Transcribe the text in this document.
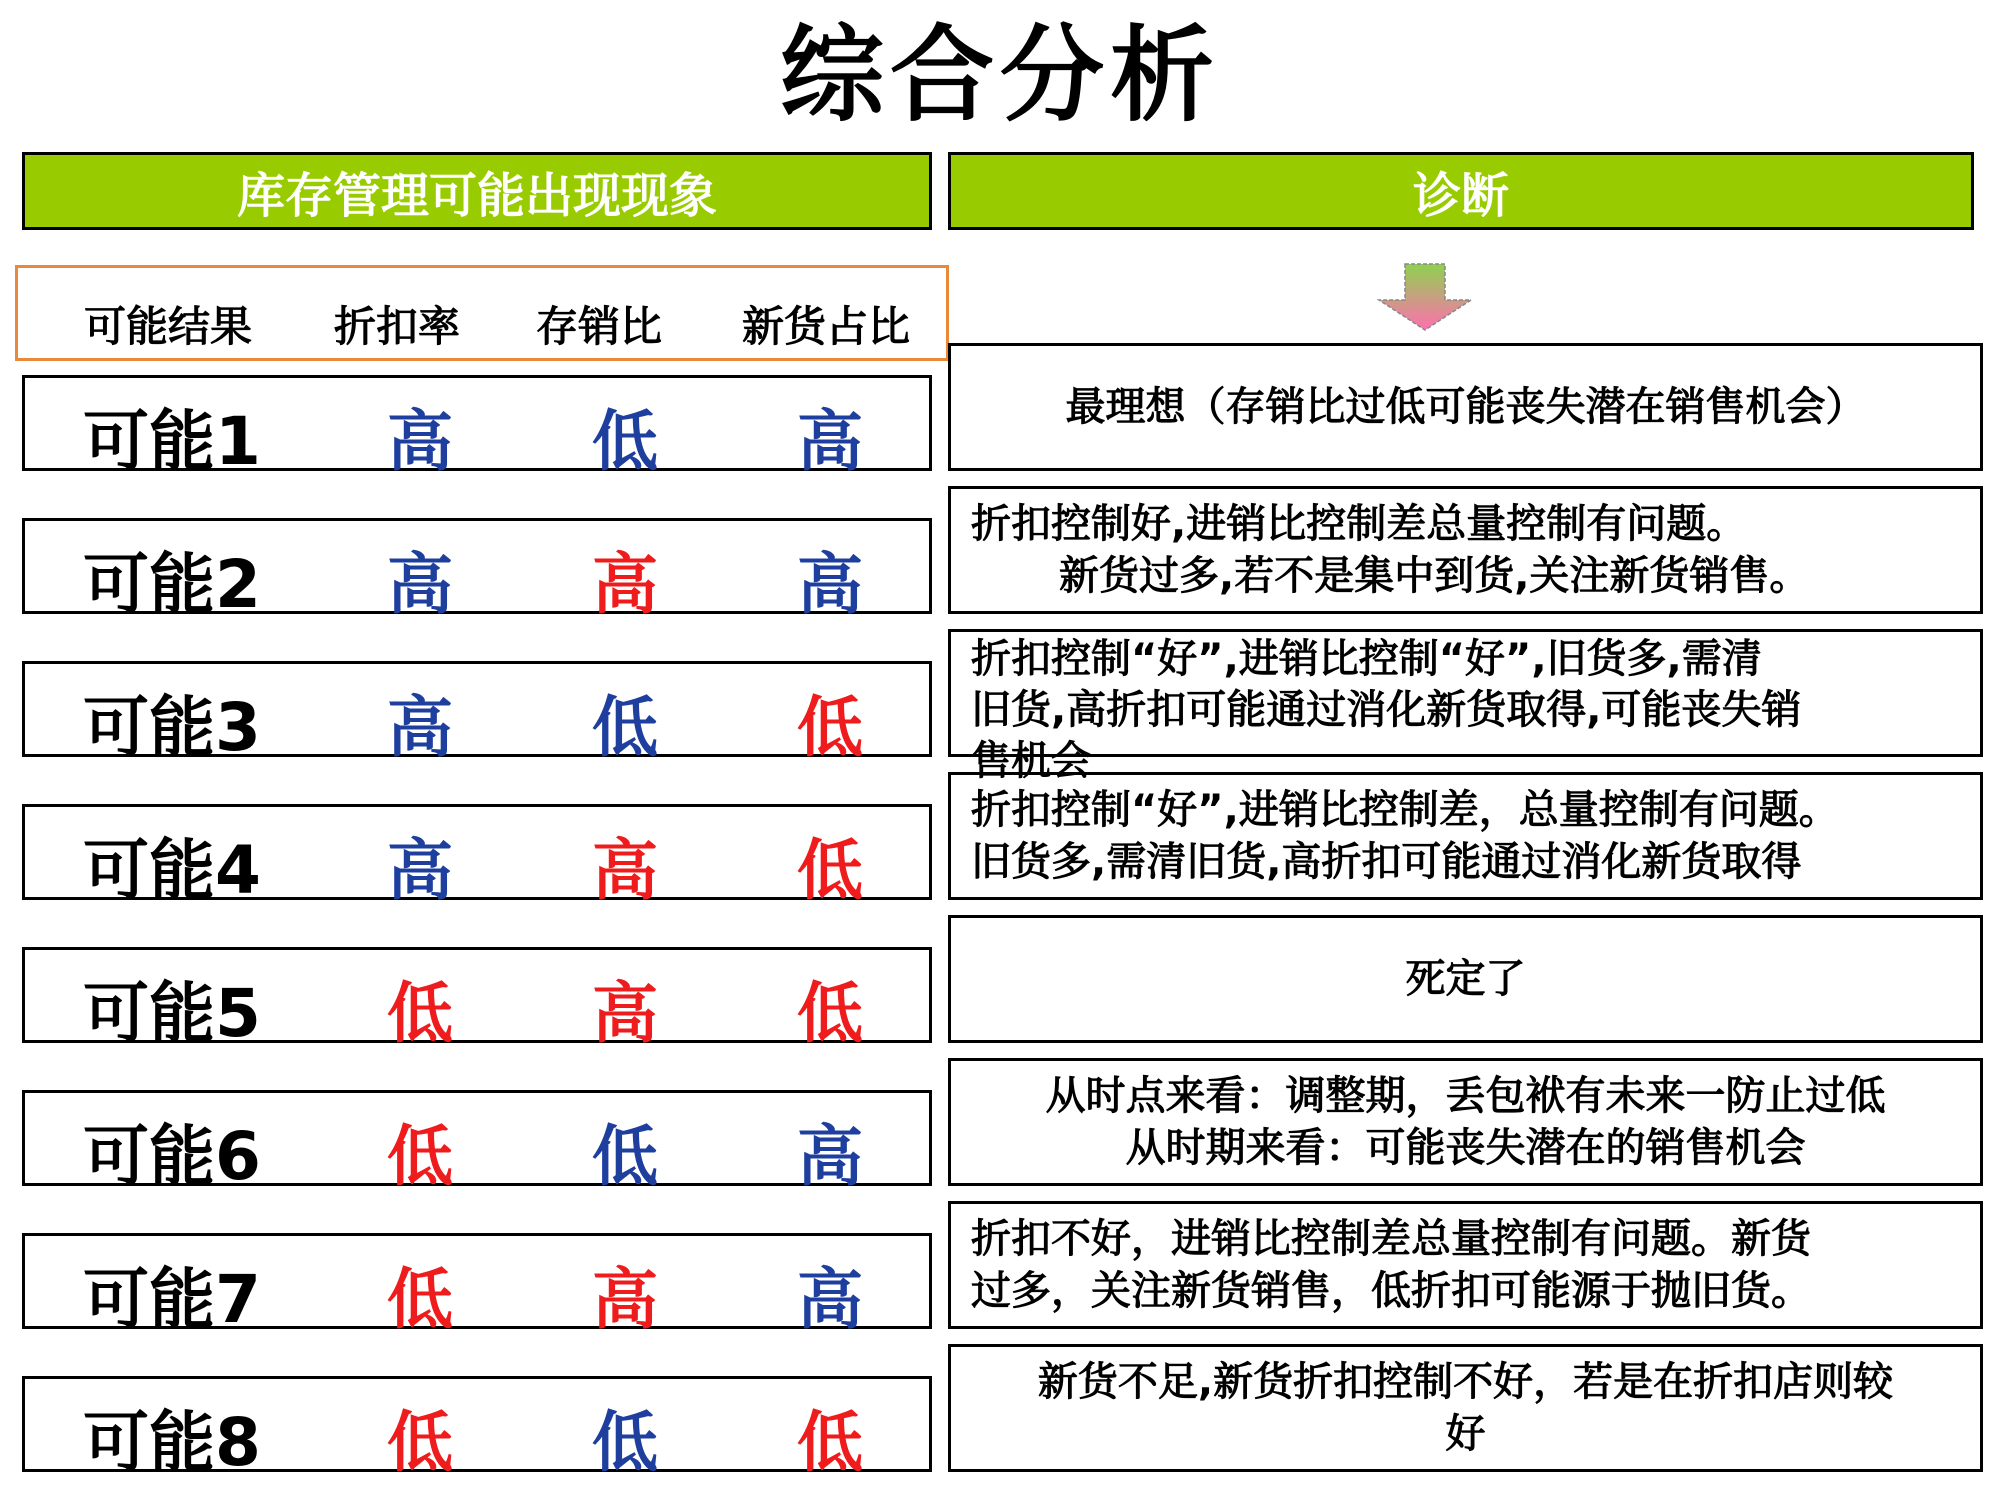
综合分析
库存管理可能出现现象	诊断
可能结果 折扣率 存销比 新货占比
可能1 高 低 高
可能2 高 高 高
可能3 高 低 低
可能4 高 高 低
可能5 低 高 低
可能6 低 低 高
可能7 低 高 高
可能8 低 低 低
最理想（存销比过低可能丧失潜在销售机会）
折扣控制好,进销比控制差总量控制有问题。
新货过多,若不是集中到货,关注新货销售。
折扣控制“好”,进销比控制“好”,旧货多,需清
旧货,高折扣可能通过消化新货取得,可能丧失销
售机会
折扣控制“好”,进销比控制差，总量控制有问题。
旧货多,需清旧货,高折扣可能通过消化新货取得
死定了
从时点来看：调整期，丢包袱有未来一防止过低
从时期来看：可能丧失潜在的销售机会
折扣不好，进销比控制差总量控制有问题。新货
过多，关注新货销售，低折扣可能源于抛旧货。
新货不足,新货折扣控制不好，若是在折扣店则较
好
